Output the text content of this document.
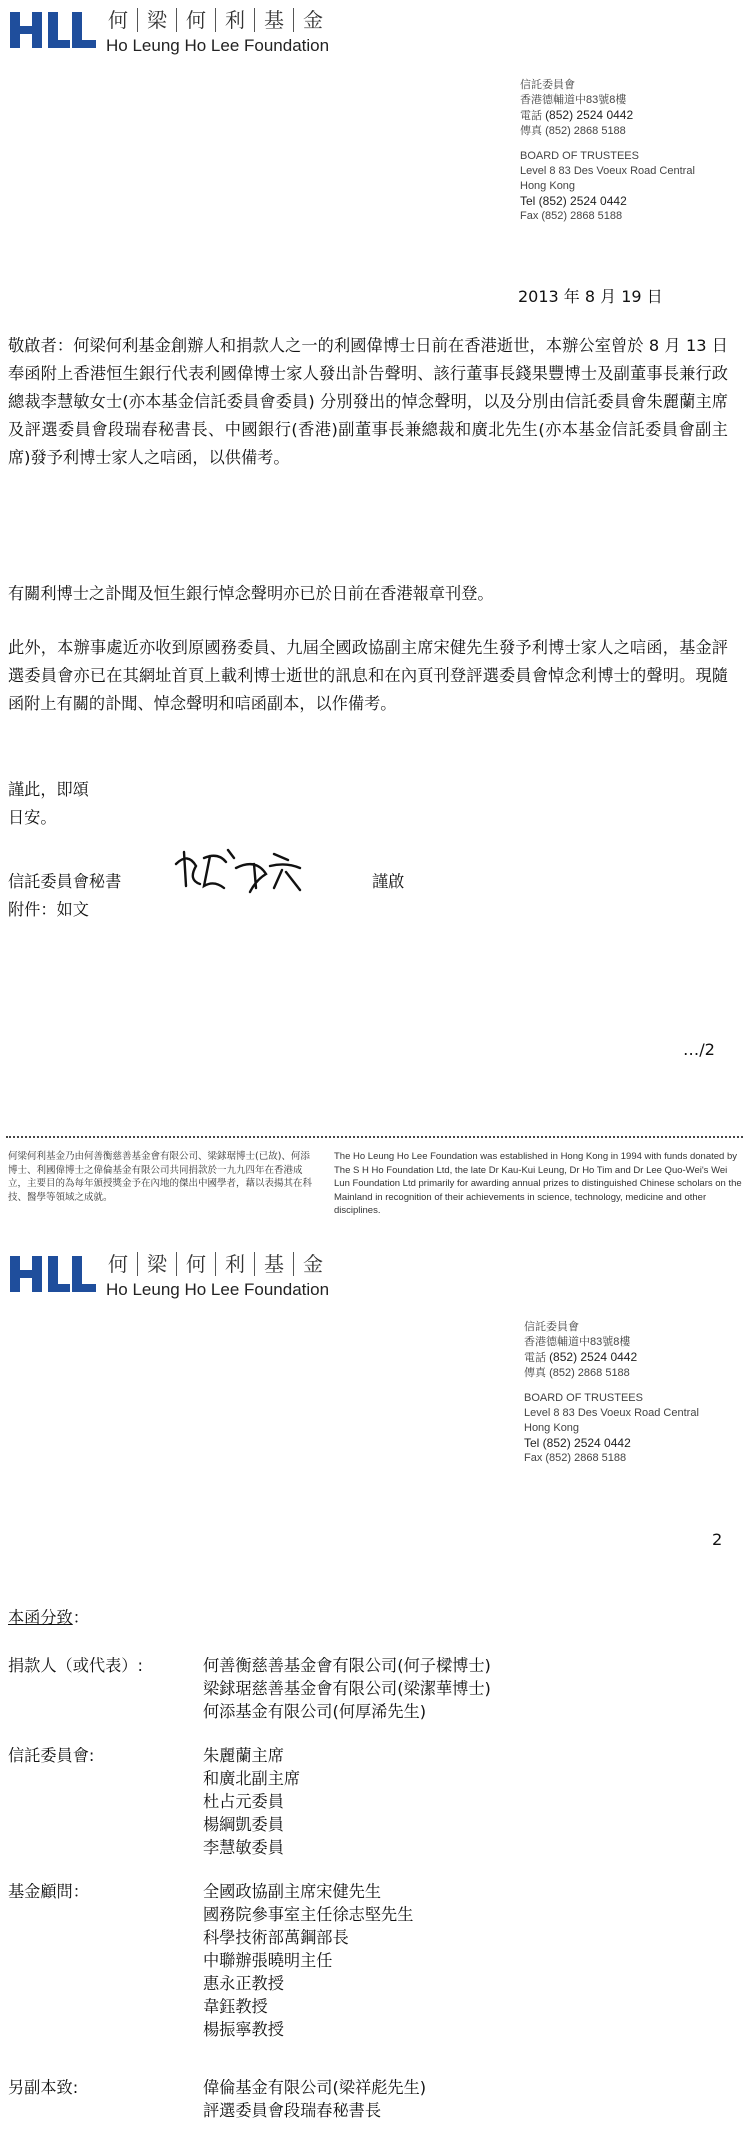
何 梁 何 利 基 金
Ho Leung Ho Lee Foundation
信託委員會
香港德輔道中83號8樓
電話 (852) 2524 0442
傳真 (852) 2868 5188
BOARD OF TRUSTEES
Level 8 83 Des Voeux Road Central
Hong Kong
Tel (852) 2524 0442
Fax (852) 2868 5188
2013 年 8 月 19 日
敬啟者：何梁何利基金創辦人和捐款人之一的利國偉博士日前在香港逝世，本辦公室曾於 8 月 13 日奉函附上香港恒生銀行代表利國偉博士家人發出訃告聲明、該行董事長錢果豐博士及副董事長兼行政總裁李慧敏女士(亦本基金信託委員會委員) 分別發出的悼念聲明，以及分別由信託委員會朱麗蘭主席及評選委員會段瑞春秘書長、中國銀行(香港)副董事長兼總裁和廣北先生(亦本基金信託委員會副主席)發予利博士家人之唁函，以供備考。
有關利博士之訃聞及恒生銀行悼念聲明亦已於日前在香港報章刊登。
此外，本辦事處近亦收到原國務委員、九屆全國政協副主席宋健先生發予利博士家人之唁函，基金評選委員會亦已在其網址首頁上載利博士逝世的訊息和在內頁刊登評選委員會悼念利博士的聲明。現隨函附上有關的訃聞、悼念聲明和唁函副本，以作備考。
謹此，即頌
日安。
信託委員會秘書	謹啟
附件：如文
…/2
何梁何利基金乃由何善衡慈善基金會有限公司、梁銶琚博士(已故)、何添博士、利國偉博士之偉倫基金有限公司共同捐款於一九九四年在香港成立，主要目的為每年頒授獎金予在內地的傑出中國學者，藉以表揚其在科技、醫學等領域之成就。
The Ho Leung Ho Lee Foundation was established in Hong Kong in 1994 with funds donated by The S H Ho Foundation Ltd, the late Dr Kau-Kui Leung, Dr Ho Tim and Dr Lee Quo-Wei's Wei Lun Foundation Ltd primarily for awarding annual prizes to distinguished Chinese scholars on the Mainland in recognition of their achievements in science, technology, medicine and other disciplines.
何 梁 何 利 基 金
Ho Leung Ho Lee Foundation
信託委員會
香港德輔道中83號8樓
電話 (852) 2524 0442
傳真 (852) 2868 5188
BOARD OF TRUSTEES
Level 8 83 Des Voeux Road Central
Hong Kong
Tel (852) 2524 0442
Fax (852) 2868 5188
2
本函分致：
捐款人（或代表）:	何善衡慈善基金會有限公司(何子樑博士)
梁銶琚慈善基金會有限公司(梁潔華博士)
何添基金有限公司(何厚浠先生)
信託委員會:	朱麗蘭主席
和廣北副主席
杜占元委員
楊綱凱委員
李慧敏委員
基金顧問：	全國政協副主席宋健先生
國務院參事室主任徐志堅先生
科學技術部萬鋼部長
中聯辦張曉明主任
惠永正教授
韋鈺教授
楊振寧教授
另副本致:	偉倫基金有限公司(梁祥彪先生)
評選委員會段瑞春秘書長
